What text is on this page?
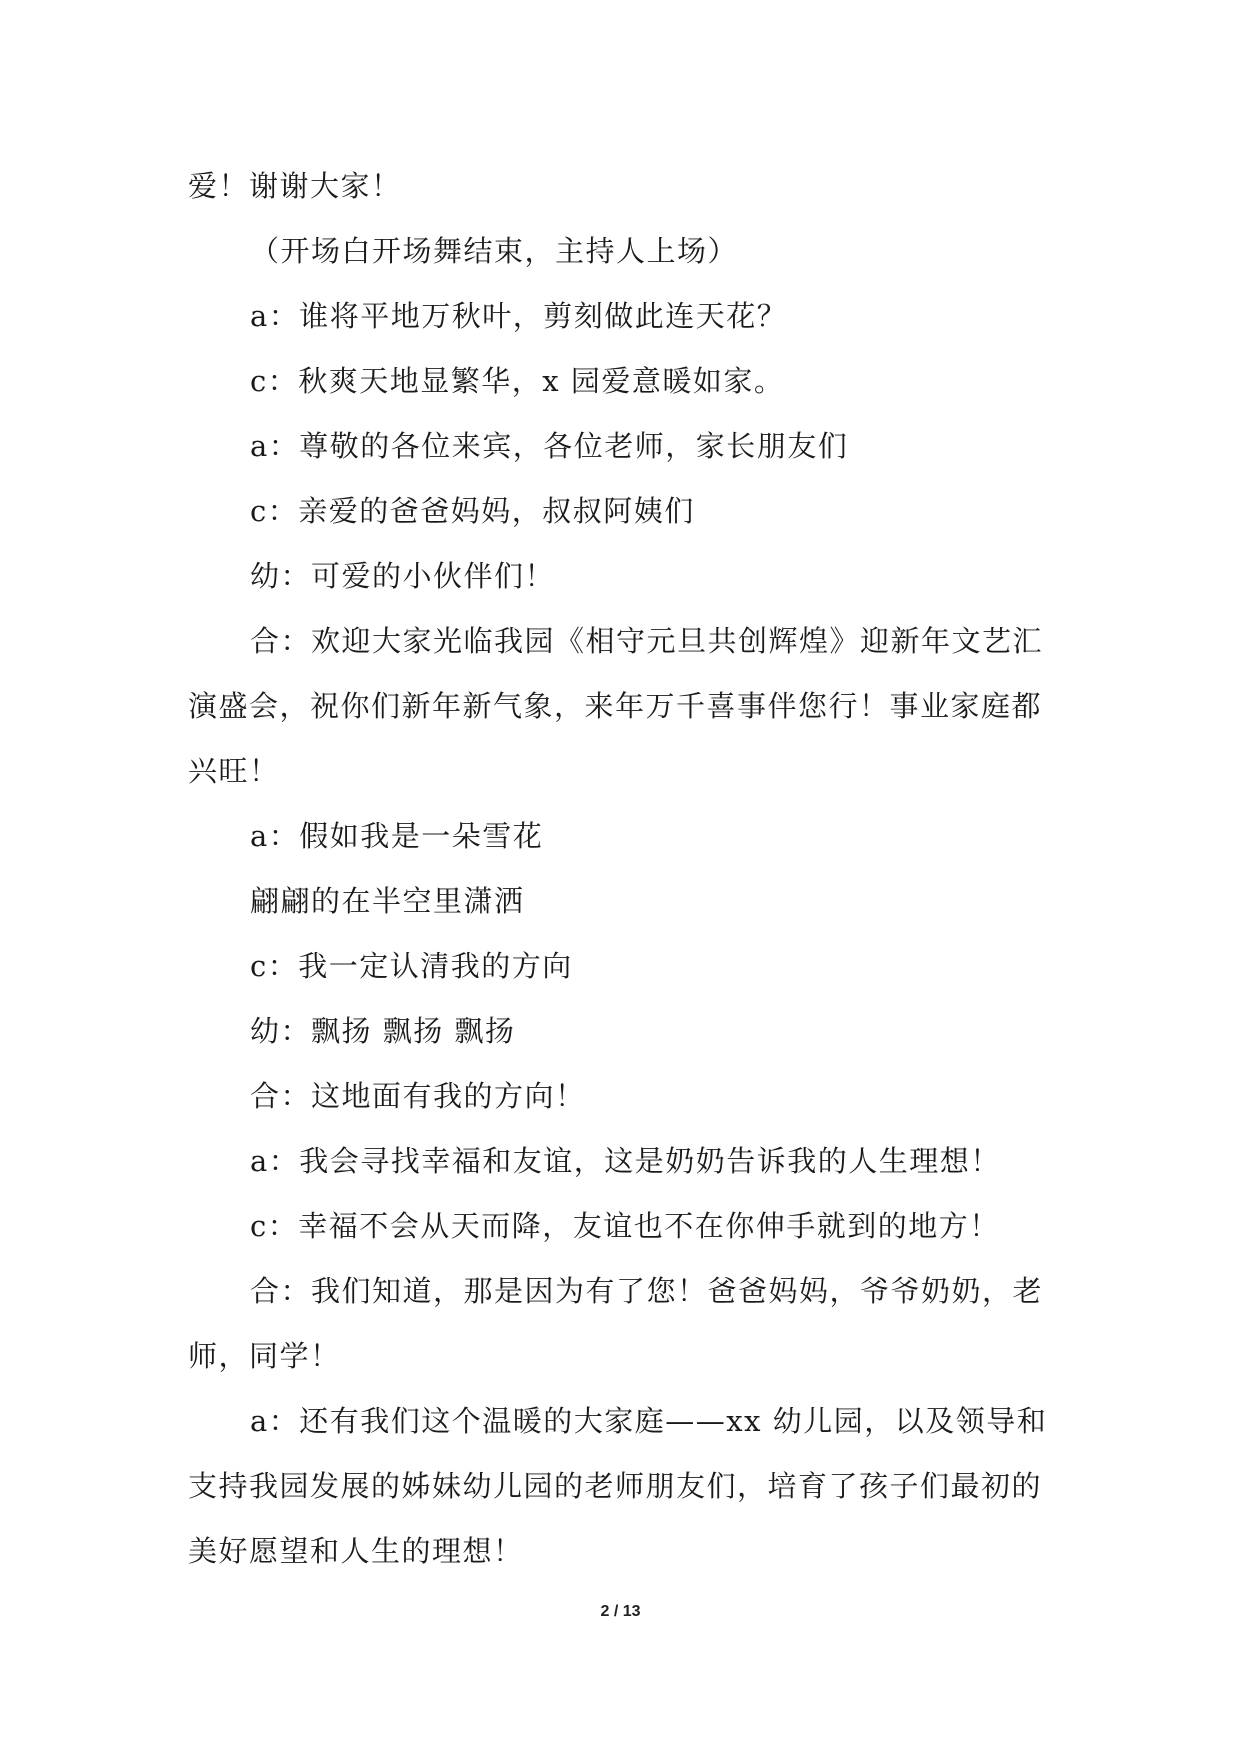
爱！谢谢大家！

（开场白开场舞结束，主持人上场）

a：谁将平地万秋叶，剪刻做此连天花？

c：秋爽天地显繁华，x 园爱意暖如家。

a：尊敬的各位来宾，各位老师，家长朋友们

c：亲爱的爸爸妈妈，叔叔阿姨们

幼：可爱的小伙伴们！

合：欢迎大家光临我园《相守元旦共创辉煌》迎新年文艺汇演盛会，祝你们新年新气象，来年万千喜事伴您行！事业家庭都兴旺！

a：假如我是一朵雪花

翩翩的在半空里潇洒

c：我一定认清我的方向

幼：飘扬 飘扬 飘扬

合：这地面有我的方向！

a：我会寻找幸福和友谊，这是奶奶告诉我的人生理想！

c：幸福不会从天而降，友谊也不在你伸手就到的地方！

合：我们知道，那是因为有了您！爸爸妈妈，爷爷奶奶，老师，同学！

a：还有我们这个温暖的大家庭——xx 幼儿园，以及领导和支持我园发展的姊妹幼儿园的老师朋友们，培育了孩子们最初的美好愿望和人生的理想！

2 / 13
